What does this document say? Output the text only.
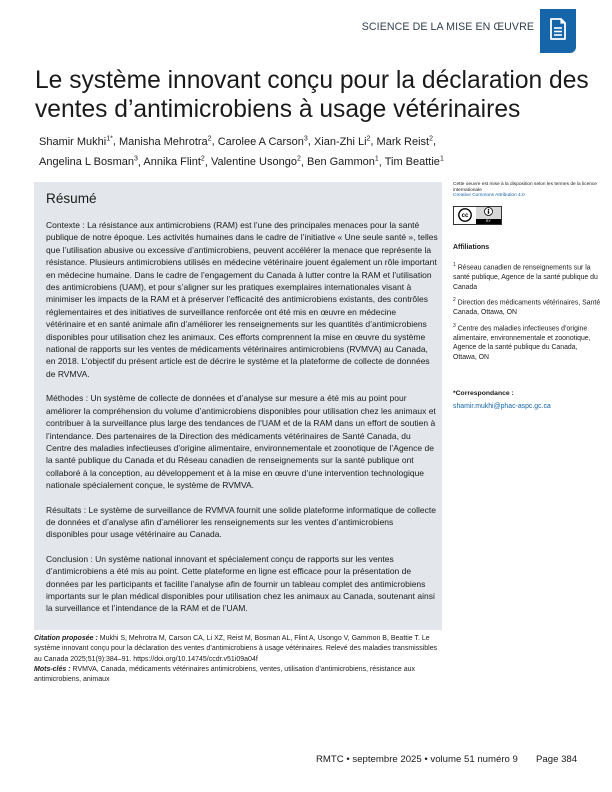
SCIENCE DE LA MISE EN ŒUVRE
Le système innovant conçu pour la déclaration des ventes d’antimicrobiens à usage vétérinaires
Shamir Mukhi$^{1*}$, Manisha Mehrotra$^2$, Carolee A Carson$^3$, Xian-Zhi Li$^2$, Mark Reist$^2$,
Angelina L Bosman$^3$, Annika Flint$^2$, Valentine Usongo$^2$, Ben Gammon$^1$, Tim Beattie$^1$
Résumé

Contexte : La résistance aux antimicrobiens (RAM) est l’une des principales menaces pour la santé publique de notre époque. Les activités humaines dans le cadre de l’initiative « Une seule santé », telles que l’utilisation abusive ou excessive d’antimicrobiens, peuvent accélérer la menace que représente la résistance. Plusieurs antimicrobiens utilisés en médecine vétérinaire jouent également un rôle important en médecine humaine. Dans le cadre de l’engagement du Canada à lutter contre la RAM et l’utilisation des antimicrobiens (UAM), et pour s’aligner sur les pratiques exemplaires internationales visant à minimiser les impacts de la RAM et à préserver l’efficacité des antimicrobiens existants, des contrôles réglementaires et des initiatives de surveillance renforcée ont été mis en œuvre en médecine vétérinaire et en santé animale afin d’améliorer les renseignements sur les quantités d’antimicrobiens disponibles pour utilisation chez les animaux. Ces efforts comprennent la mise en œuvre du système national de rapports sur les ventes de médicaments vétérinaires antimicrobiens (RVMVA) au Canada, en 2018. L’objectif du présent article est de décrire le système et la plateforme de collecte de données de RVMVA.

Méthodes : Un système de collecte de données et d’analyse sur mesure a été mis au point pour améliorer la compréhension du volume d’antimicrobiens disponibles pour utilisation chez les animaux et contribuer à la surveillance plus large des tendances de l’UAM et de la RAM dans un effort de soutien à l’intendance. Des partenaires de la Direction des médicaments vétérinaires de Santé Canada, du Centre des maladies infectieuses d’origine alimentaire, environnementale et zoonotique de l’Agence de la santé publique du Canada et du Réseau canadien de renseignements sur la santé publique ont collaboré à la conception, au développement et à la mise en œuvre d’une intervention technologique nationale spécialement conçue, le système de RVMVA.

Résultats : Le système de surveillance de RVMVA fournit une solide plateforme informatique de collecte de données et d’analyse afin d’améliorer les renseignements sur les ventes d’antimicrobiens disponibles pour usage vétérinaire au Canada.

Conclusion : Un système national innovant et spécialement conçu de rapports sur les ventes d’antimicrobiens a été mis au point. Cette plateforme en ligne est efficace pour la présentation de données par les participants et facilite l’analyse afin de fournir un tableau complet des antimicrobiens importants sur le plan médical disponibles pour utilisation chez les animaux au Canada, soutenant ainsi la surveillance et l’intendance de la RAM et de l’UAM.

Citation proposée : Mukhi S, Mehrotra M, Carson CA, Li XZ, Reist M, Bosman AL, Flint A, Usongo V, Gammon B, Beattie T. Le système innovant conçu pour la déclaration des ventes d’antimicrobiens à usage vétérinaires. Relevé des maladies transmissibles au Canada 2025;51(9):384–91. https://doi.org/10.14745/ccdr.v51i09a04f
Mots-clés : RVMVA, Canada, médicaments vétérinaires antimicrobiens, ventes, utilisation d’antimicrobiens, résistance aux antimicrobiens, animaux
Cette oeuvre est mise à la disposition selon les termes de la licence internationale
Creative Commons Attribution 4.0
cc
BY
Affiliations
$^1$ Réseau canadien de renseignements sur la santé publique, Agence de la santé publique du Canada
$^2$ Direction des médicaments vétérinaires, Santé Canada, Ottawa, ON
$^3$ Centre des maladies infectieuses d’origine alimentaire, environnementale et zoonotique, Agence de la santé publique du Canada, Ottawa, ON
*Correspondance :
shamir.mukhi@phac-aspc.gc.ca
RMTC • septembre 2025 • volume 51 numéro 9 Page 384
